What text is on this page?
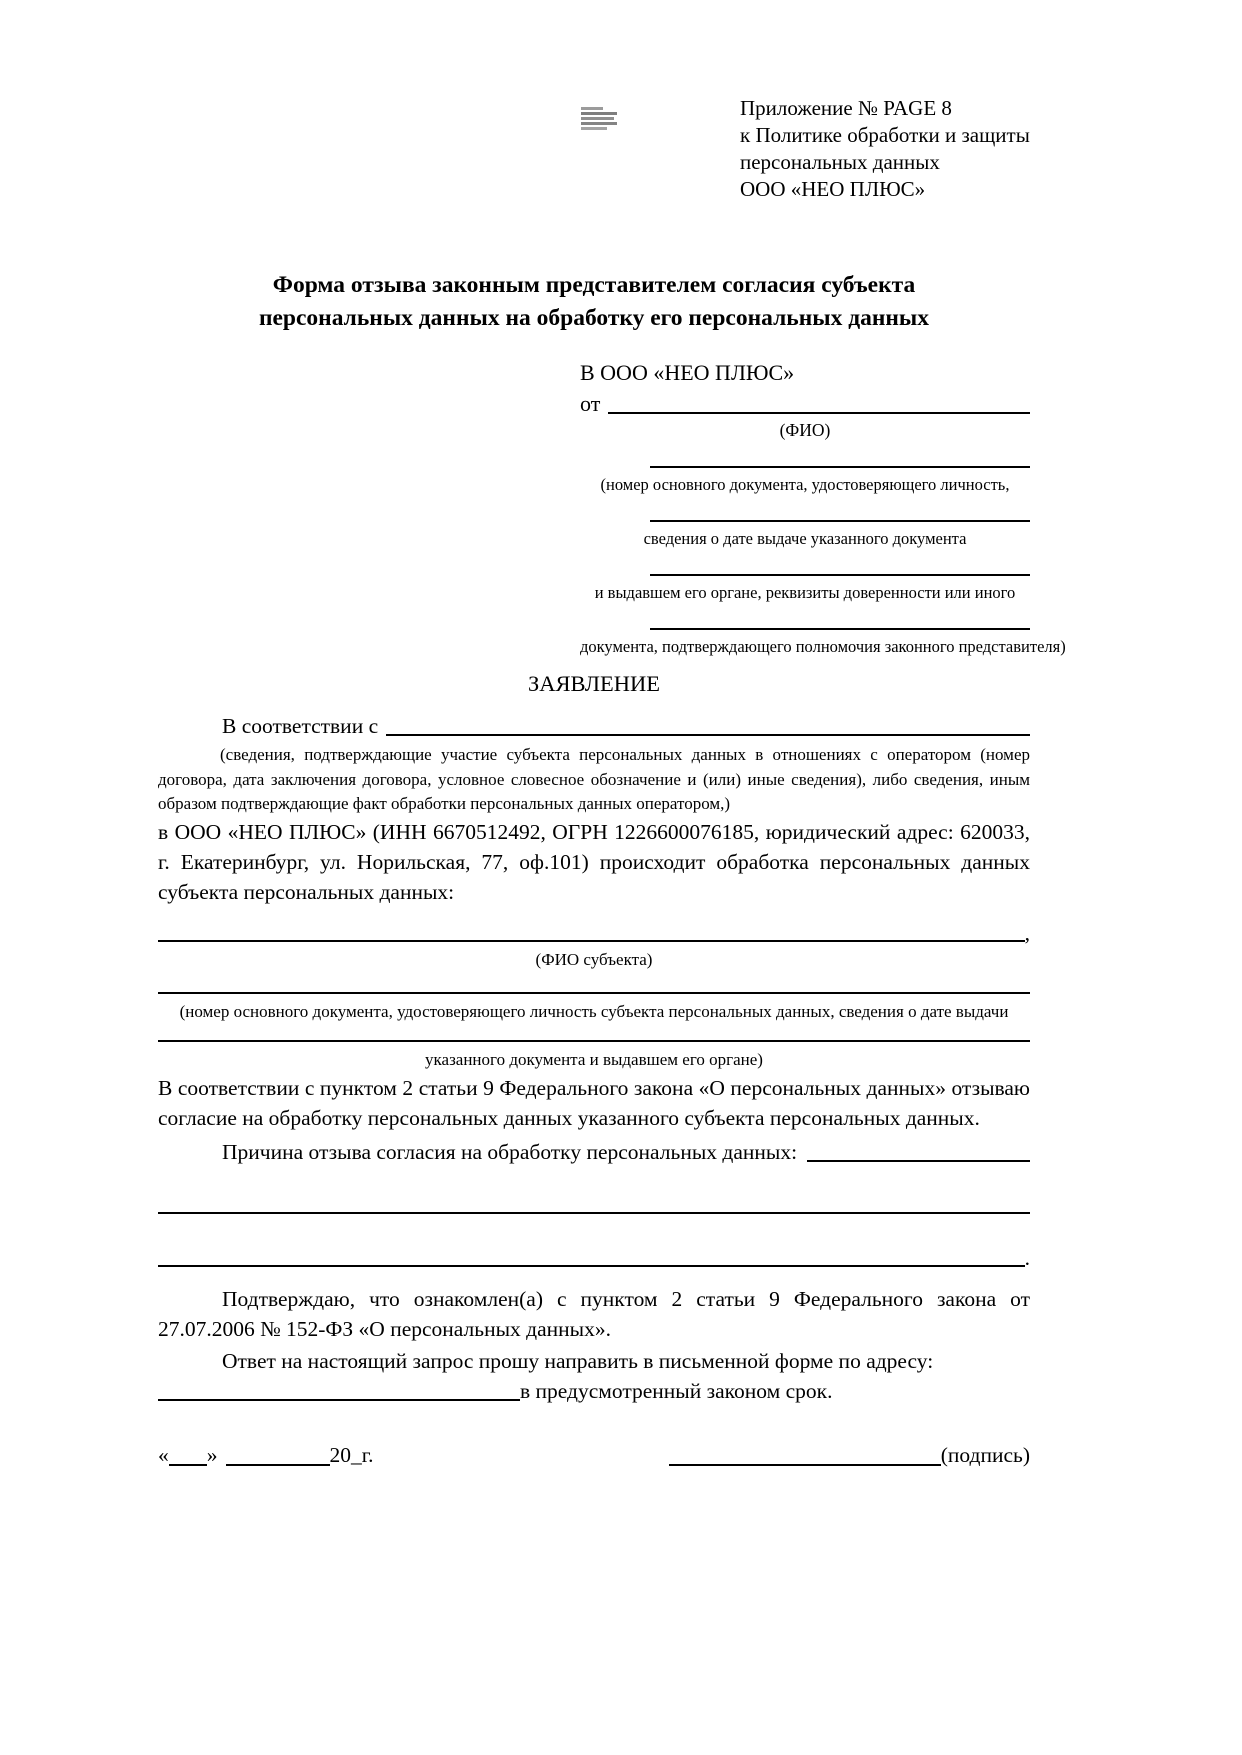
Приложение № PAGE 8
к Политике обработки и защиты
персональных данных
ООО «НЕО ПЛЮС»
Форма отзыва законным представителем согласия субъекта
персональных данных на обработку его персональных данных
В ООО «НЕО ПЛЮС»
от
(ФИО)
(номер основного документа, удостоверяющего личность,
сведения о дате выдаче указанного документа
и выдавшем его органе, реквизиты доверенности или иного
документа, подтверждающего полномочия законного представителя)
ЗАЯВЛЕНИЕ
В соответствии с
(сведения, подтверждающие участие субъекта персональных данных в отношениях с оператором (номер договора, дата заключения договора, условное словесное обозначение и (или) иные сведения), либо сведения, иным образом подтверждающие факт обработки персональных данных оператором,)
в ООО «НЕО ПЛЮС» (ИНН 6670512492, ОГРН 1226600076185, юридический адрес: 620033, г. Екатеринбург, ул. Норильская, 77, оф.101) происходит обработка персональных данных субъекта персональных данных:
,
(ФИО субъекта)
(номер основного документа, удостоверяющего личность субъекта персональных данных, сведения о дате выдачи
указанного документа и выдавшем его органе)
В соответствии с пунктом 2 статьи 9 Федерального закона «О персональных данных» отзываю согласие на обработку персональных данных указанного субъекта персональных данных.
Причина отзыва согласия на обработку персональных данных:
.
Подтверждаю, что ознакомлен(а) с пунктом 2 статьи 9 Федерального закона от 27.07.2006 № 152-ФЗ «О персональных данных».
Ответ на настоящий запрос прошу направить в письменной форме по адресу:
в предусмотренный законом срок.
« »	20_г.	(подпись)
